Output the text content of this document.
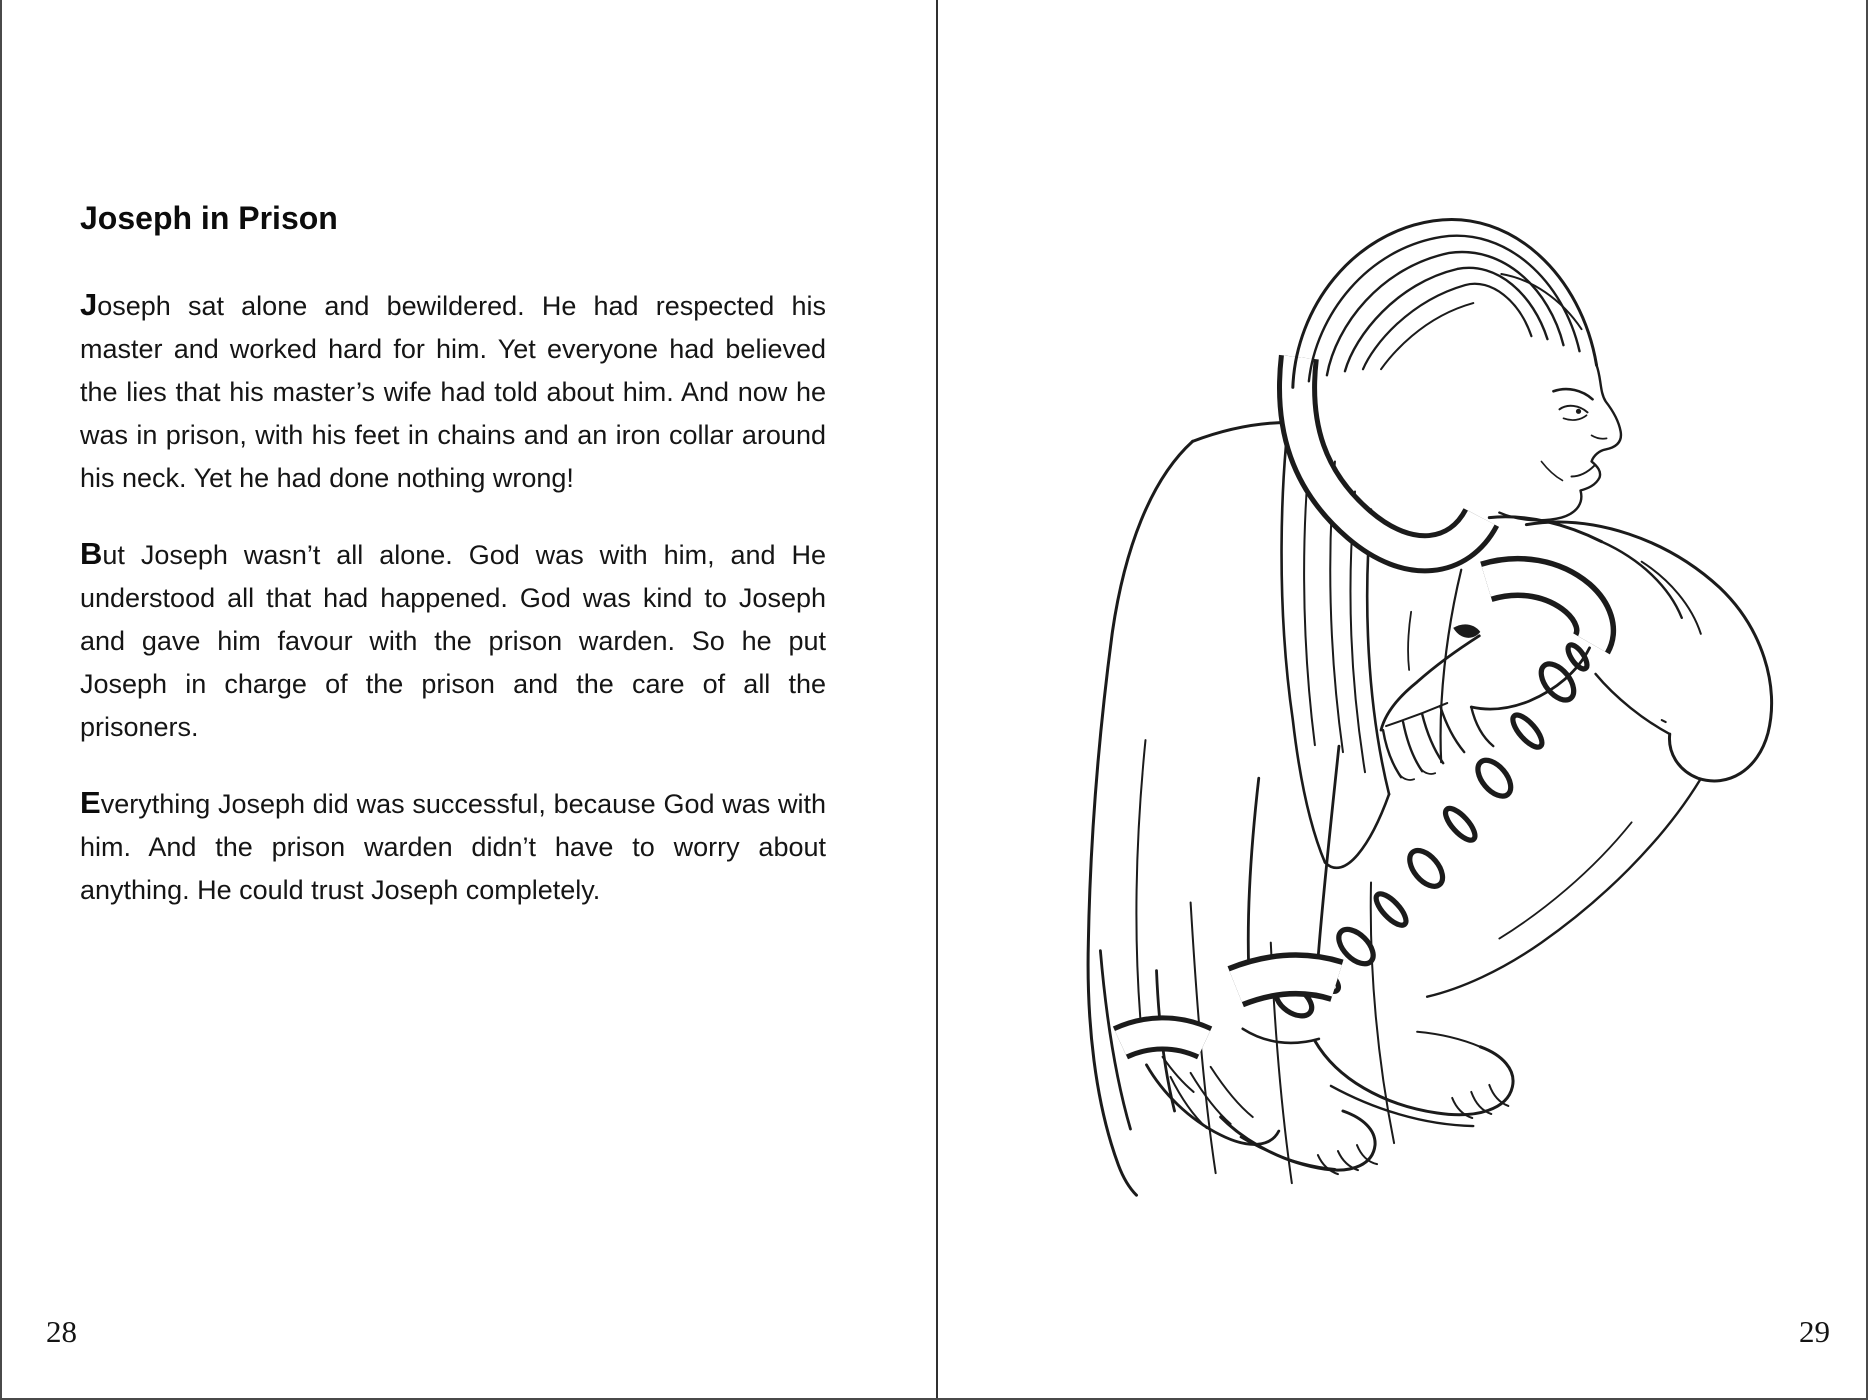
Joseph in Prison

Joseph sat alone and bewildered. He had respected his master and worked hard for him. Yet everyone had believed the lies that his master’s wife had told about him. And now he was in prison, with his feet in chains and an iron collar around his neck. Yet he had done nothing wrong!

But Joseph wasn’t all alone. God was with him, and He understood all that had happened. God was kind to Joseph and gave him favour with the prison warden. So he put Joseph in charge of the prison and the care of all the prisoners.

Everything Joseph did was successful, because God was with him. And the prison warden didn’t have to worry about anything. He could trust Joseph completely.

28	29
